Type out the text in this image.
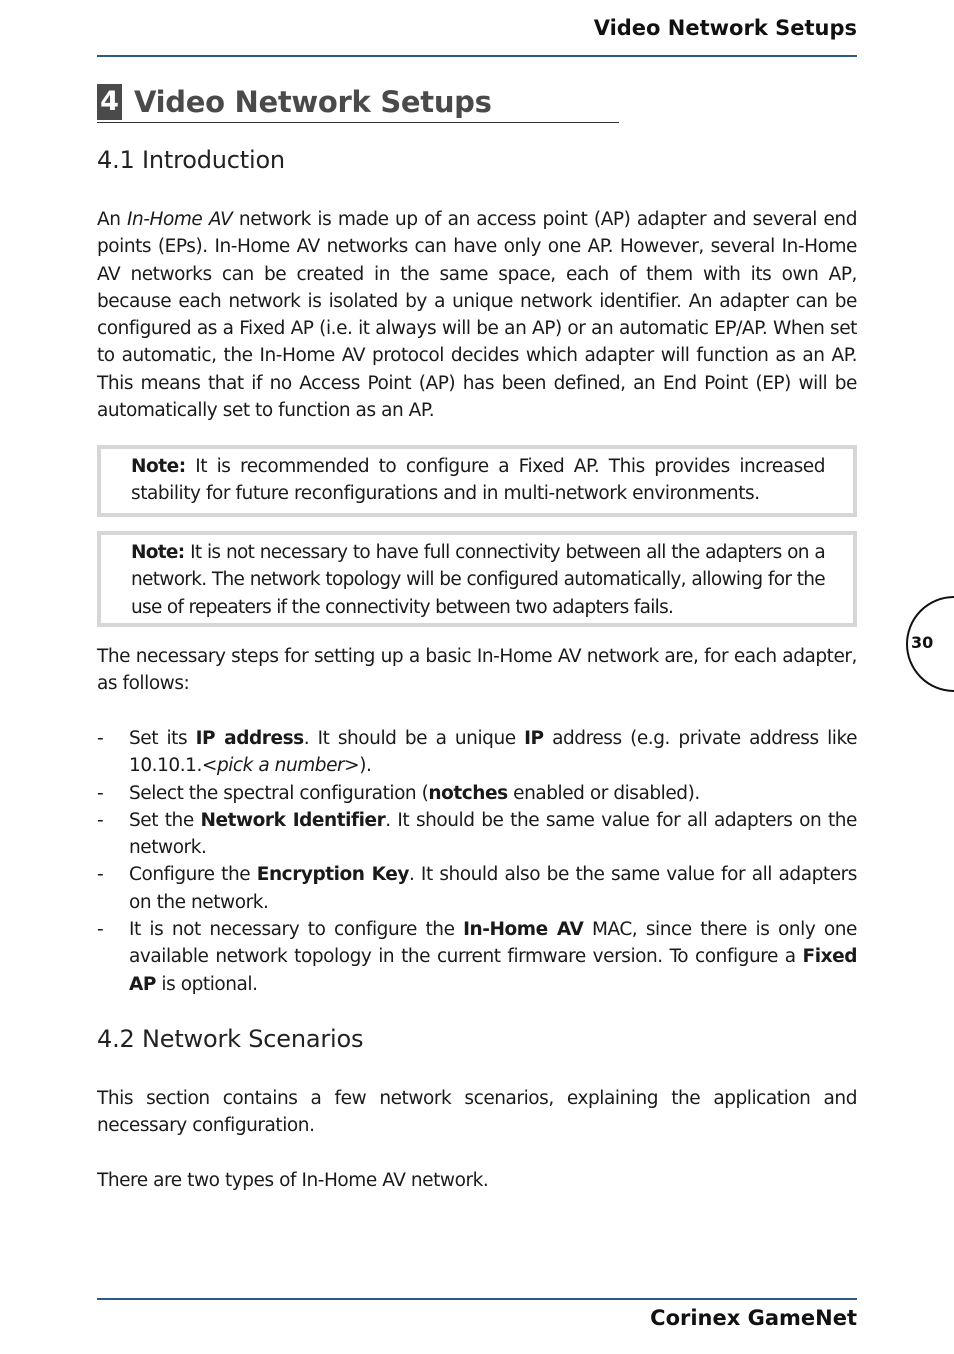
Video Network Setups
4 Video Network Setups
4.1 Introduction

An In-Home AV network is made up of an access point (AP) adapter and several end points (EPs). In-Home AV networks can have only one AP. However, several In-Home AV networks can be created in the same space, each of them with its own AP, because each network is isolated by a unique network identifier. An adapter can be configured as a Fixed AP (i.e. it always will be an AP) or an automatic EP/AP. When set to automatic, the In-Home AV protocol decides which adapter will function as an AP. This means that if no Access Point (AP) has been defined, an End Point (EP) will be automatically set to function as an AP.

Note: It is recommended to configure a Fixed AP. This provides increased stability for future reconfigurations and in multi-network environments.

Note: It is not necessary to have full connectivity between all the adapters on a network. The network topology will be configured automatically, allowing for the use of repeaters if the connectivity between two adapters fails.

The necessary steps for setting up a basic In-Home AV network are, for each adapter, as follows:

- Set its IP address. It should be a unique IP address (e.g. private address like 10.10.1.<pick a number>).
- Select the spectral configuration (notches enabled or disabled).
- Set the Network Identifier. It should be the same value for all adapters on the network.
- Configure the Encryption Key. It should also be the same value for all adapters on the network.
- It is not necessary to configure the In-Home AV MAC, since there is only one available network topology in the current firmware version. To configure a Fixed AP is optional.
4.2 Network Scenarios

This section contains a few network scenarios, explaining the application and necessary configuration.

There are two types of In-Home AV network.

30
Corinex GameNet
